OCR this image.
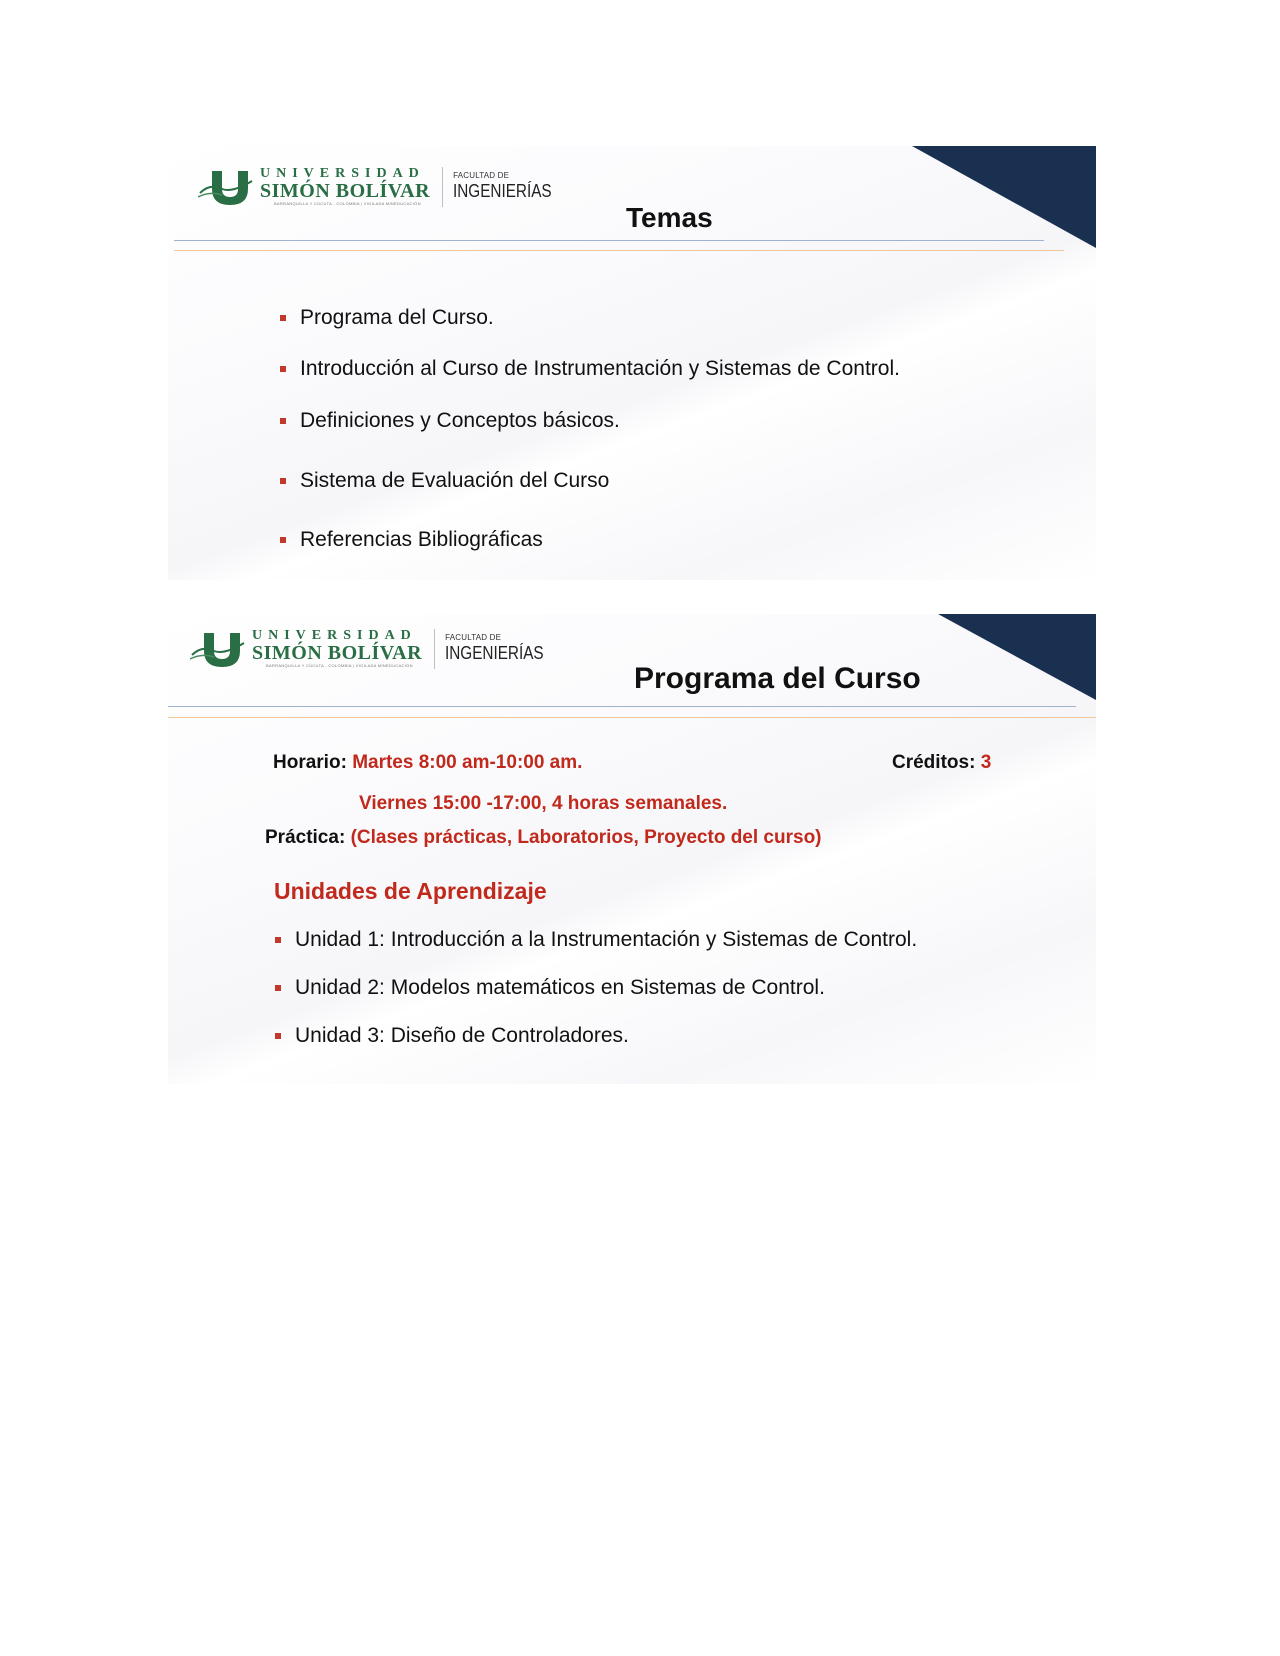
UNIVERSIDAD
SIMÓN BOLÍVAR
BARRANQUILLA Y CÚCUTA - COLOMBIA | VIGILADA MINEDUCACIÓN
FACULTAD DE
INGENIERÍAS
Temas
Programa del Curso.
Introducción al Curso de Instrumentación y Sistemas de Control.
Definiciones y Conceptos básicos.
Sistema de Evaluación del Curso
Referencias Bibliográficas
UNIVERSIDAD
SIMÓN BOLÍVAR
BARRANQUILLA Y CÚCUTA - COLOMBIA | VIGILADA MINEDUCACIÓN
FACULTAD DE
INGENIERÍAS
Programa del Curso
Horario: Martes 8:00 am-10:00 am.	Créditos: 3
Viernes 15:00 -17:00, 4 horas semanales.
Práctica: (Clases prácticas, Laboratorios, Proyecto del curso)
Unidades de Aprendizaje
Unidad 1: Introducción a la Instrumentación y Sistemas de Control.
Unidad 2: Modelos matemáticos en Sistemas de Control.
Unidad 3: Diseño de Controladores.
